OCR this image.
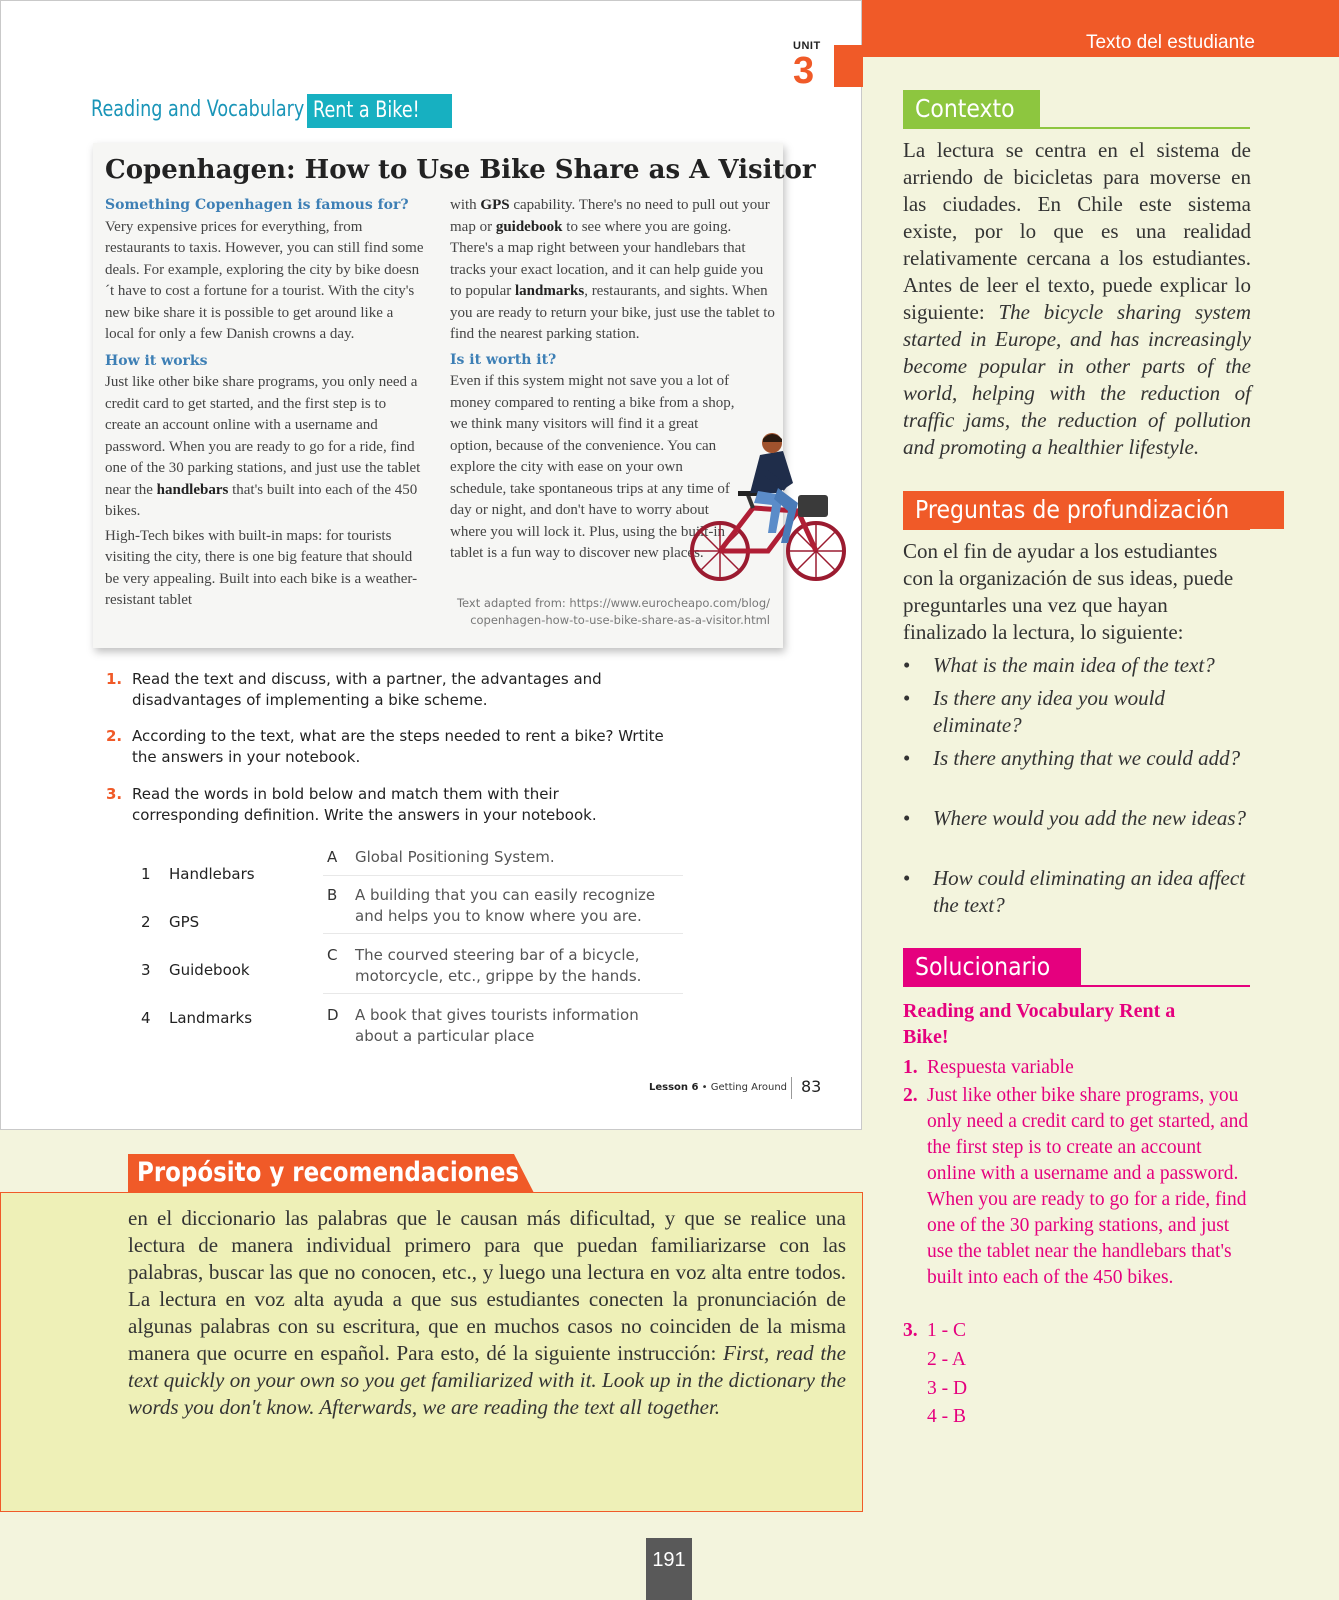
UNIT
3
Reading and Vocabulary Rent a Bike!
Copenhagen: How to Use Bike Share as A Visitor
Something Copenhagen is famous for?
Very expensive prices for everything, from restaurants to taxis. However, you can still find some deals. For example, exploring the city by bike doesn´t have to cost a fortune for a tourist. With the city's new bike share it is possible to get around like a local for only a few Danish crowns a day.
How it works
Just like other bike share programs, you only need a credit card to get started, and the first step is to create an account online with a username and password. When you are ready to go for a ride, find one of the 30 parking stations, and just use the tablet near the handlebars that's built into each of the 450 bikes.
High-Tech bikes with built-in maps: for tourists visiting the city, there is one big feature that should be very appealing. Built into each bike is a weather-resistant tablet
with GPS capability. There's no need to pull out your map or guidebook to see where you are going. There's a map right between your handlebars that tracks your exact location, and it can help guide you to popular landmarks, restaurants, and sights. When you are ready to return your bike, just use the tablet to find the nearest parking station.
Is it worth it?
Even if this system might not save you a lot of money compared to renting a bike from a shop, we think many visitors will find it a great option, because of the convenience. You can explore the city with ease on your own schedule, take spontaneous trips at any time of day or night, and don't have to worry about where you will lock it. Plus, using the built-in tablet is a fun way to discover new places.
Text adapted from: https://www.eurocheapo.com/blog/
copenhagen-how-to-use-bike-share-as-a-visitor.html
1. Read the text and discuss, with a partner, the advantages and disadvantages of implementing a bike scheme.
2. According to the text, what are the steps needed to rent a bike? Wrtite the answers in your notebook.
3. Read the words in bold below and match them with their corresponding definition. Write the answers in your notebook.
1 Handlebars
2 GPS
3 Guidebook
4 Landmarks
A Global Positioning System.
B A building that you can easily recognize and helps you to know where you are.
C The courved steering bar of a bicycle, motorcycle, etc., grippe by the hands.
D A book that gives tourists information about a particular place
Lesson 6 • Getting Around 83
Texto del estudiante
Contexto
La lectura se centra en el sistema de arriendo de bicicletas para moverse en las ciudades. En Chile este sistema existe, por lo que es una realidad relativamente cercana a los estudiantes. Antes de leer el texto, puede explicar lo siguiente: The bicycle sharing system started in Europe, and has increasingly become popular in other parts of the world, helping with the reduction of traffic jams, the reduction of pollution and promoting a healthier lifestyle.
Preguntas de profundización
Con el fin de ayudar a los estudiantes con la organización de sus ideas, puede preguntarles una vez que hayan finalizado la lectura, lo siguiente:
• What is the main idea of the text?
• Is there any idea you would eliminate?
• Is there anything that we could add?
• Where would you add the new ideas?
• How could eliminating an idea affect the text?
Solucionario
Reading and Vocabulary Rent a Bike!
1. Respuesta variable
2. Just like other bike share programs, you only need a credit card to get started, and the first step is to create an account online with a username and a password. When you are ready to go for a ride, find one of the 30 parking stations, and just use the tablet near the handlebars that's built into each of the 450 bikes.
3. 1 - C
2 - A
3 - D
4 - B
Propósito y recomendaciones
en el diccionario las palabras que le causan más dificultad, y que se realice una lectura de manera individual primero para que puedan familiarizarse con las palabras, buscar las que no conocen, etc., y luego una lectura en voz alta entre todos. La lectura en voz alta ayuda a que sus estudiantes conecten la pronunciación de algunas palabras con su escritura, que en muchos casos no coinciden de la misma manera que ocurre en español. Para esto, dé la siguiente instrucción: First, read the text quickly on your own so you get familiarized with it. Look up in the dictionary the words you don't know. Afterwards, we are reading the text all together.
191
